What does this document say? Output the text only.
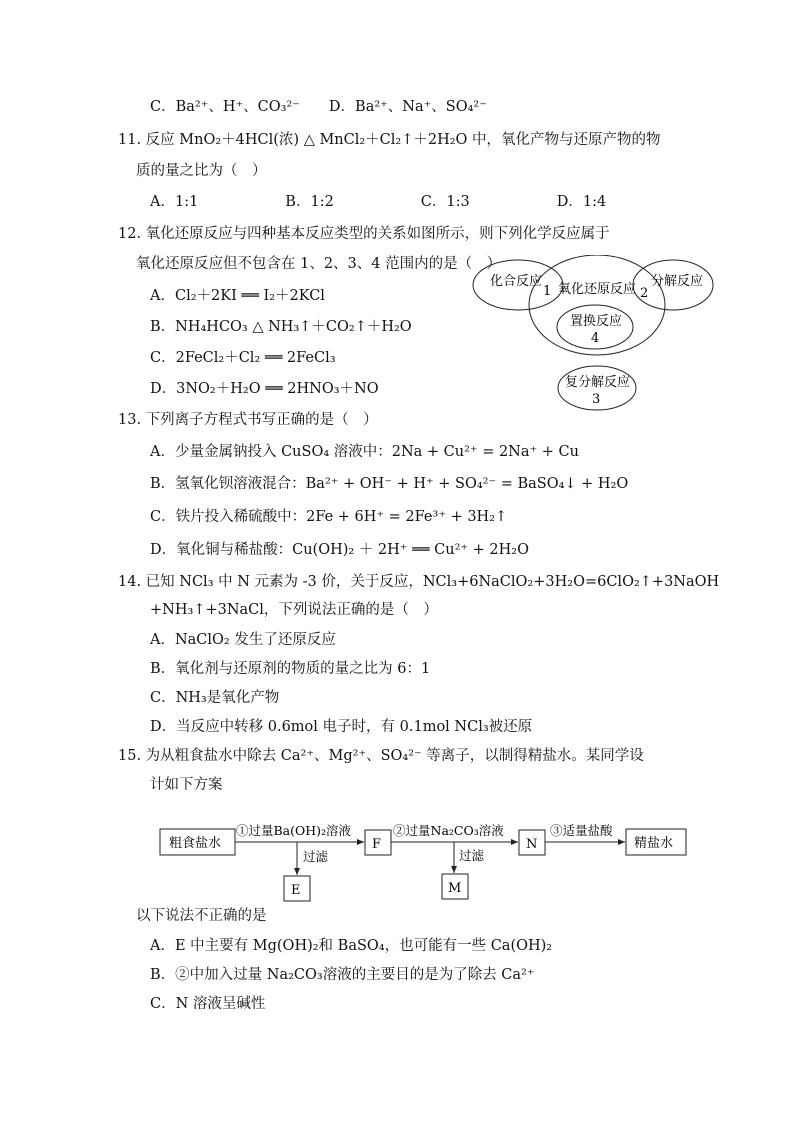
C．Ba²⁺、H⁺、CO₃²⁻　　D．Ba²⁺、Na⁺、SO₄²⁻
11. 反应 MnO₂＋4HCl(浓) △ MnCl₂＋Cl₂↑＋2H₂O 中，氧化产物与还原产物的物
质的量之比为（　）
A．1:1　　　　　　B．1:2　　　　　　C．1:3　　　　　　D．1:4
12. 氧化还原反应与四种基本反应类型的关系如图所示，则下列化学反应属于
氧化还原反应但不包含在 1、2、3、4 范围内的是（　）
A．Cl₂＋2KI ══ I₂＋2KCl
B．NH₄HCO₃ △ NH₃↑＋CO₂↑＋H₂O
C．2FeCl₂＋Cl₂ ══ 2FeCl₃
D．3NO₂＋H₂O ══ 2HNO₃＋NO
化合反应
1 氧化还原反应 2
分解反应
置换反应
4
复分解反应
3
13. 下列离子方程式书写正确的是（　）
A．少量金属钠投入 CuSO₄ 溶液中：2Na + Cu²⁺ = 2Na⁺ + Cu
B．氢氧化钡溶液混合：Ba²⁺ + OH⁻ + H⁺ + SO₄²⁻ = BaSO₄↓ + H₂O
C．铁片投入稀硫酸中：2Fe + 6H⁺ = 2Fe³⁺ + 3H₂↑
D．氧化铜与稀盐酸：Cu(OH)₂ ＋ 2H⁺ ══ Cu²⁺ + 2H₂O
14. 已知 NCl₃ 中 N 元素为 -3 价，关于反应，NCl₃+6NaClO₂+3H₂O=6ClO₂↑+3NaOH
+NH₃↑+3NaCl，下列说法正确的是（　）
A．NaClO₂ 发生了还原反应
B．氧化剂与还原剂的物质的量之比为 6：1
C．NH₃是氧化产物
D．当反应中转移 0.6mol 电子时，有 0.1mol NCl₃被还原
15. 为从粗食盐水中除去 Ca²⁺、Mg²⁺、SO₄²⁻ 等离子，以制得精盐水。某同学设
计如下方案
粗食盐水
①过量Ba(OH)₂溶液
过滤
E
F
②过量Na₂CO₃溶液
过滤
M
N
③适量盐酸
精盐水
以下说法不正确的是
A．E 中主要有 Mg(OH)₂和 BaSO₄，也可能有一些 Ca(OH)₂
B．②中加入过量 Na₂CO₃溶液的主要目的是为了除去 Ca²⁺
C．N 溶液呈碱性
